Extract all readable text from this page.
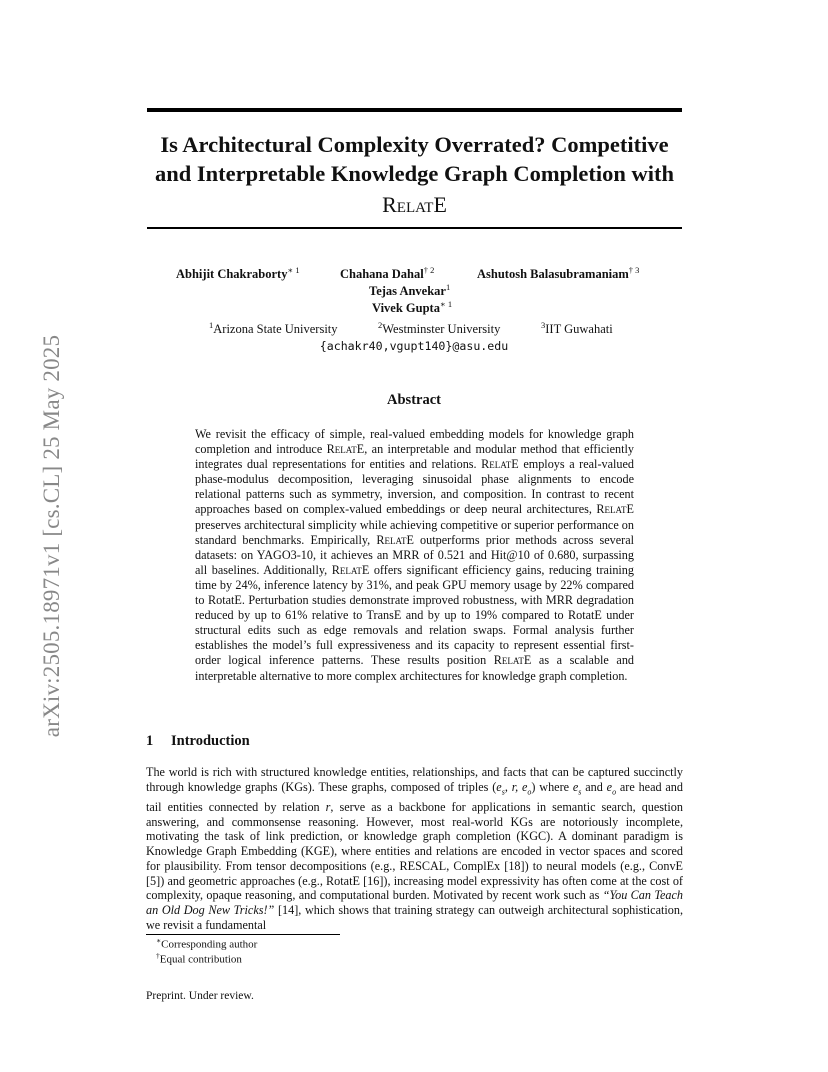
arXiv:2505.18971v1 [cs.CL] 25 May 2025
Is Architectural Complexity Overrated? Competitive
and Interpretable Knowledge Graph Completion with
RelatE
Abhijit Chakraborty$^{∗ 1}$	Chahana Dahal$^{\dagger 2}$	Ashutosh Balasubramaniam$^{\dagger 3}$
Tejas Anvekar$^1$
Vivek Gupta$^{∗ 1}$
$^1$Arizona State University	$^2$Westminster University	$^3$IIT Guwahati
{achakr40,vgupt140}@asu.edu
Abstract
We revisit the efficacy of simple, real-valued embedding models for knowledge graph completion and introduce RelatE, an interpretable and modular method that efficiently integrates dual representations for entities and relations. RelatE employs a real-valued phase-modulus decomposition, leveraging sinusoidal phase alignments to encode relational patterns such as symmetry, inversion, and composition. In contrast to recent approaches based on complex-valued embeddings or deep neural architectures, RelatE preserves architectural simplicity while achieving competitive or superior performance on standard benchmarks. Empirically, RelatE outperforms prior methods across several datasets: on YAGO3-10, it achieves an MRR of 0.521 and Hit@10 of 0.680, surpassing all baselines. Additionally, RelatE offers significant efficiency gains, reducing training time by 24%, inference latency by 31%, and peak GPU memory usage by 22% compared to RotatE. Perturbation studies demonstrate improved robustness, with MRR degradation reduced by up to 61% relative to TransE and by up to 19% compared to RotatE under structural edits such as edge removals and relation swaps. Formal analysis further establishes the model’s full expressiveness and its capacity to represent essential first-order logical inference patterns. These results position RelatE as a scalable and interpretable alternative to more complex architectures for knowledge graph completion.
1 Introduction
The world is rich with structured knowledge entities, relationships, and facts that can be captured succinctly through knowledge graphs (KGs). These graphs, composed of triples ($e_s$, r, $e_o$) where $e_s$ and $e_o$ are head and tail entities connected by relation r, serve as a backbone for applications in semantic search, question answering, and commonsense reasoning. However, most real-world KGs are notoriously incomplete, motivating the task of link prediction, or knowledge graph completion (KGC). A dominant paradigm is Knowledge Graph Embedding (KGE), where entities and relations are encoded in vector spaces and scored for plausibility. From tensor decompositions (e.g., RESCAL, ComplEx [18]) to neural models (e.g., ConvE [5]) and geometric approaches (e.g., RotatE [16]), increasing model expressivity has often come at the cost of complexity, opaque reasoning, and computational burden. Motivated by recent work such as “You Can Teach an Old Dog New Tricks!” [14], which shows that training strategy can outweigh architectural sophistication, we revisit a fundamental
∗Corresponding author
†Equal contribution
Preprint. Under review.
